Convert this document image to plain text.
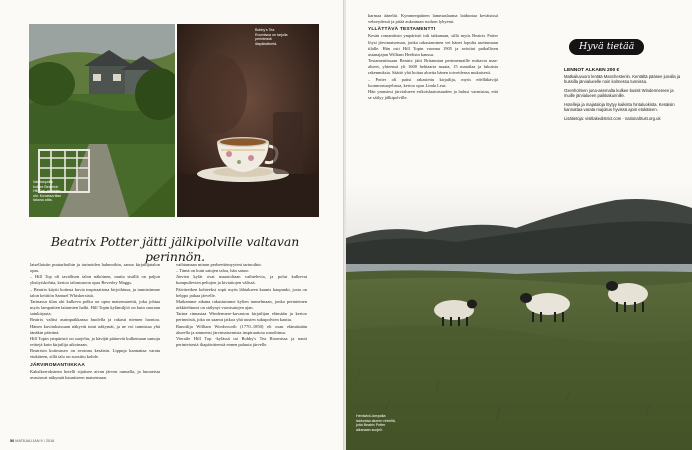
Vaeltuspolku kulkee Beatrixin Hill Top -maatilan ohi. Kuvassa tilan takana aitta.
Bobby's Tea Roomissa on tarjolla perinteistä iltapäiväteetä.
Beatrix Potter jätti jälkipolville valtavan perinnön.

laisellaisiin puutarhoihin ja tarinoiden hahmoihin, sanoo kirjailijatalon opas.

– Hill Top oli tavallisen talon näköinen, mutta sisällä on paljon yksityiskohtia, kertoo talomuseon opas Beverley Maggs.

– Beatrix käytti kotinsa kuvia inspiraationa kirjoihinsa, ja tunnistimme talon keittiön Samuel Whiskersistä.

Tarinassa tilan ohi kulkeva polku on upea maisemareitti, joka johtaa myös lampaitten laitumien halki. Hill Topin kylämiljöö on kuin suoraan satukirjasta.

Beatrix valitsi asuinpaikkansa huolella ja rakasti niemen luontoa. Hänen kuvituksissaan näkyvät tutut näkymät, ja ne voi tunnistaa yhä tänäkin päivänä.

Hill Topin ympäristö on suojeltu, ja kävijät pääsevät kulkemaan samoja reittejä kuin kirjailija aikoinaan.

Beatrixin kotimuseo on avoinna kesäisin. Lippuja kannattaa varata etukäteen, sillä talo on suosittu kohde.

JÄRVIROMANTIIKKAA

Kaksikerroksinen hotelli sijaitsee aivan järven rannalla, ja huoneista avautuvat näkymät kauniiseen maisemaan.

vaihtamaan minun perheettömyyteni tarinoihin.

– Tämä on kuin satujen taloa, hän sanoo.

Järvien kylät ovat maastoltaan vaihtelevia, ja polut kulkevat kumpuilevien peltojen ja kiviaitojen välissä.

Päiväretken kohteeksi sopii myös lähialueen kaunis kaupunki, josta on helppo jatkaa järvelle.

Matkamme aikana rakastuimme kylien tunnelmaan, jonka perinteinen arkkitehtuuri on säilynyt vuosisatojen ajan.

Tarina rinnastaa Windermere-kuvaston kirjailijan elämään ja kertoo perinnöstä, joka on saanut jatkoa yhä uusien sukupolvien kautta.

Runoilija William Wordsworth (1770–1850) eli osan elämästään alueella ja ammensi järvimaisemista inspiraatiota runoihinsa.

Vieraile Hill Top -kylässä tai Bobby's Tea Roomissa ja nauti perinteisestä iltapäiväteestä ennen paluuta järvelle.

50 MATKAILIJAN 9 / 2016

karmaa ääneltä. Kymmenpäinen lammaslauma laiduntaa keväisissä vehreydessä ja pitää aukeaman ruohon lyhyenä.

YLLÄTTÄVÄ TESTAMENTTI

Kesän romanttisin ympäristö tuli taikanaan, sillä myös Beatrix Potter löysi järvimaiseman, jonka rakastaminen vei hänet lopulta asettumaan tilalle. Hän osti Hill Topin vuonna 1905 ja avioitui paikallisen asianajajan William Heelisin kanssa.

Testamentissaan Beatrix jätti Britannian perinnemaille mittavat maa-alueet, yhteensä yli 1600 hehtaaria maata, 15 maatilaa ja lukuisia rakennuksia. Säätiö yhä hoitaa alueita hänen toiveidensa mukaisesti.

– Potter oli paitsi rakastettu kirjailija, myös edelläkävijä luonnonsuojelussa, kertoo opas Linda Lear.

Hän ymmärsi järvialueen erikoislaatuisuuden ja halusi varmistaa, että se säilyy jälkipolville.

Hyvä tietää
LENNOT ALKAEN 200 €

Matkailuvuoro lentää Manchesteriin. Kentältä pääsee junalla ja bussilla järvialueelle noin kolmessa tunnissa.

Oxenholmen juna-asemalta kulkee bussit Windermereen ja muille järvialueen paikkakunnille.

Hotelleja ja majataloja löytyy kaikista hintaluokista. Kesäisin kannattaa varata majoitus hyvissä ajoin etukäteen.

Lisätietoja: visitlakedistrict.com · nationaltrust.org.uk

Herdwick-lampaita laiduntaa alueen rinteillä, joita Beatrix Potter aikanaan suojeli.
